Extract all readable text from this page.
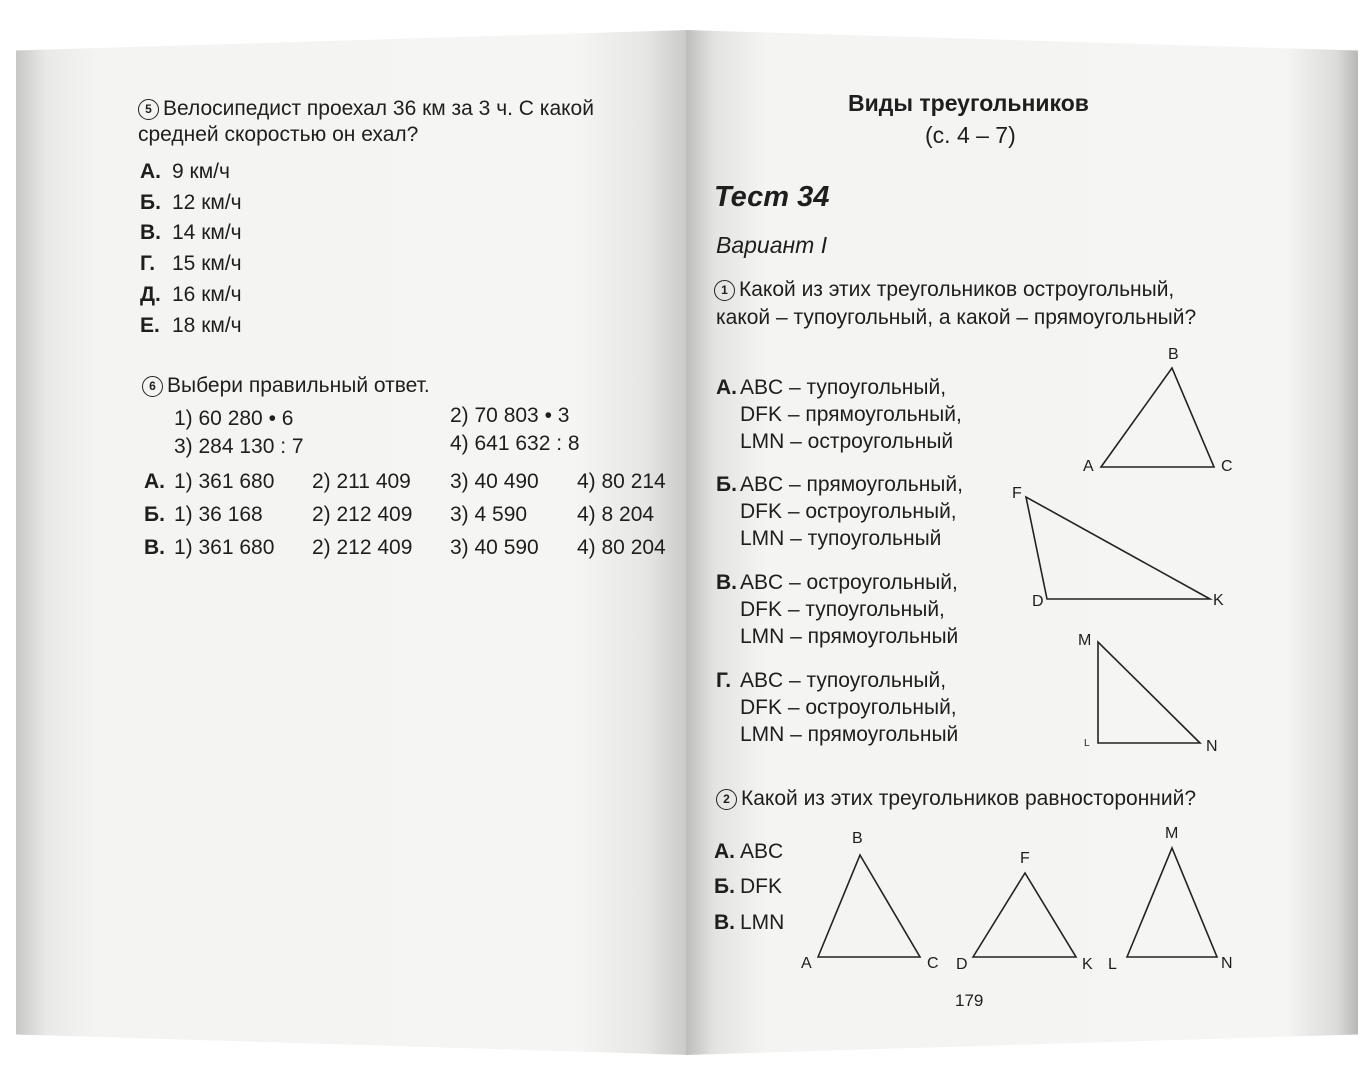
5 Велосипедист проехал 36 км за 3 ч. С какой
средней скоростью он ехал?
А. 9 км/ч
Б. 12 км/ч
В. 14 км/ч
Г. 15 км/ч
Д. 16 км/ч
Е. 18 км/ч
6 Выбери правильный ответ.
1) 60 280 • 6	2) 70 803 • 3
3) 284 130 : 7	4) 641 632 : 8
А. 1) 361 680 2) 211 409 3) 40 490 4) 80 214
Б. 1) 36 168 2) 212 409 3) 4 590 4) 8 204
В. 1) 361 680 2) 212 409 3) 40 590 4) 80 204
Виды треугольников
(с. 4 – 7)
Тест 34
Вариант I
1 Какой из этих треугольников остроугольный,
какой – тупоугольный, а какой – прямоугольный?
А. ABC – тупоугольный,
DFK – прямоугольный,
LMN – остроугольный
Б. ABC – прямоугольный,
DFK – остроугольный,
LMN – тупоугольный
В. ABC – остроугольный,
DFK – тупоугольный,
LMN – прямоугольный
Г. ABC – тупоугольный,
DFK – остроугольный,
LMN – прямоугольный
B
A	C
F
D	K
M
L	N
2 Какой из этих треугольников равносторонний?
А. ABC
Б. DFK
В. LMN
B
A	C
F
D	K
M
L	N
179
